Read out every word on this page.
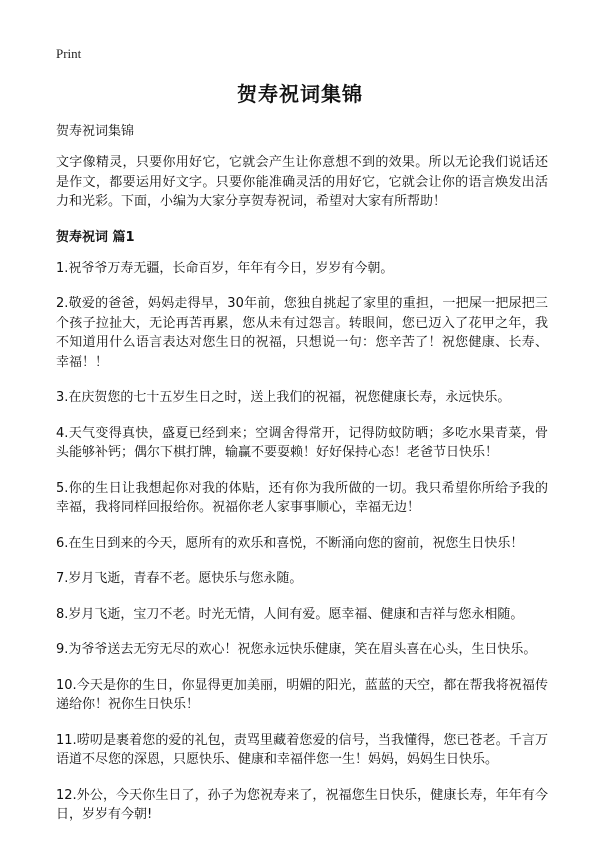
Print
贺寿祝词集锦

贺寿祝词集锦

文字像精灵，只要你用好它，它就会产生让你意想不到的效果。所以无论我们说话还是作文，都要运用好文字。只要你能准确灵活的用好它，它就会让你的语言焕发出活力和光彩。下面，小编为大家分享贺寿祝词，希望对大家有所帮助！

贺寿祝词 篇1

1.祝爷爷万寿无疆，长命百岁，年年有今日，岁岁有今朝。

2.敬爱的爸爸，妈妈走得早，30年前，您独自挑起了家里的重担，一把屎一把尿把三个孩子拉扯大，无论再苦再累，您从未有过怨言。转眼间，您已迈入了花甲之年，我不知道用什么语言表达对您生日的祝福，只想说一句：您辛苦了！祝您健康、长寿、幸福！！

3.在庆贺您的七十五岁生日之时，送上我们的祝福，祝您健康长寿，永远快乐。

4.天气变得真快，盛夏已经到来；空调舍得常开，记得防蚊防晒；多吃水果青菜，骨头能够补钙；偶尔下棋打牌，输赢不要耍赖！好好保持心态！老爸节日快乐！

5.你的生日让我想起你对我的体贴，还有你为我所做的一切。我只希望你所给予我的幸福，我将同样回报给你。祝福你老人家事事顺心，幸福无边！

6.在生日到来的今天，愿所有的欢乐和喜悦，不断涌向您的窗前，祝您生日快乐！

7.岁月飞逝，青春不老。愿快乐与您永随。

8.岁月飞逝，宝刀不老。时光无情，人间有爱。愿幸福、健康和吉祥与您永相随。

9.为爷爷送去无穷无尽的欢心！祝您永远快乐健康，笑在眉头喜在心头，生日快乐。

10.今天是你的生日，你显得更加美丽，明媚的阳光，蓝蓝的天空，都在帮我将祝福传递给你！祝你生日快乐！

11.唠叨是裹着您的爱的礼包，责骂里藏着您爱的信号，当我懂得，您已苍老。千言万语道不尽您的深恩，只愿快乐、健康和幸福伴您一生！妈妈，妈妈生日快乐。

12.外公，今天你生日了，孙子为您祝寿来了，祝福您生日快乐，健康长寿，年年有今日，岁岁有今朝!
